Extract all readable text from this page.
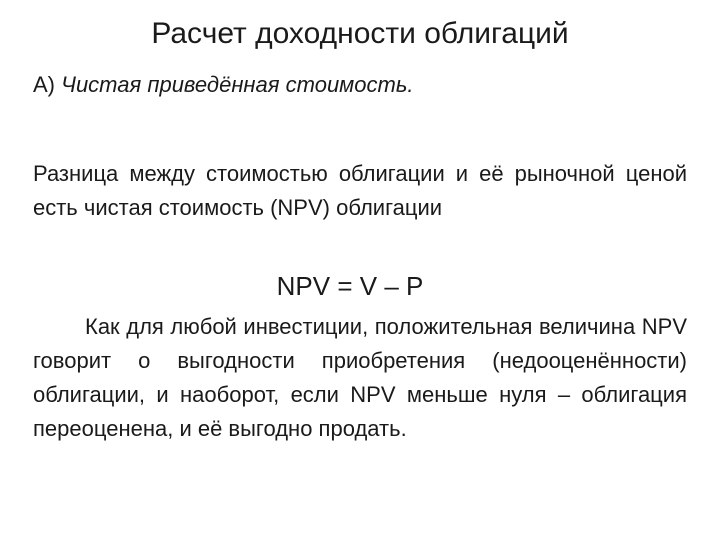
Расчет доходности облигаций
А) Чистая приведённая стоимость.

Разница между стоимостью облигации и её рыночной ценой есть чистая стоимость (NPV) облигации

NPV = V – P

Как для любой инвестиции, положительная величина NPV говорит о выгодности приобретения (недооценённости) облигации, и наоборот, если NPV меньше нуля – облигация переоценена, и её выгодно продать.
